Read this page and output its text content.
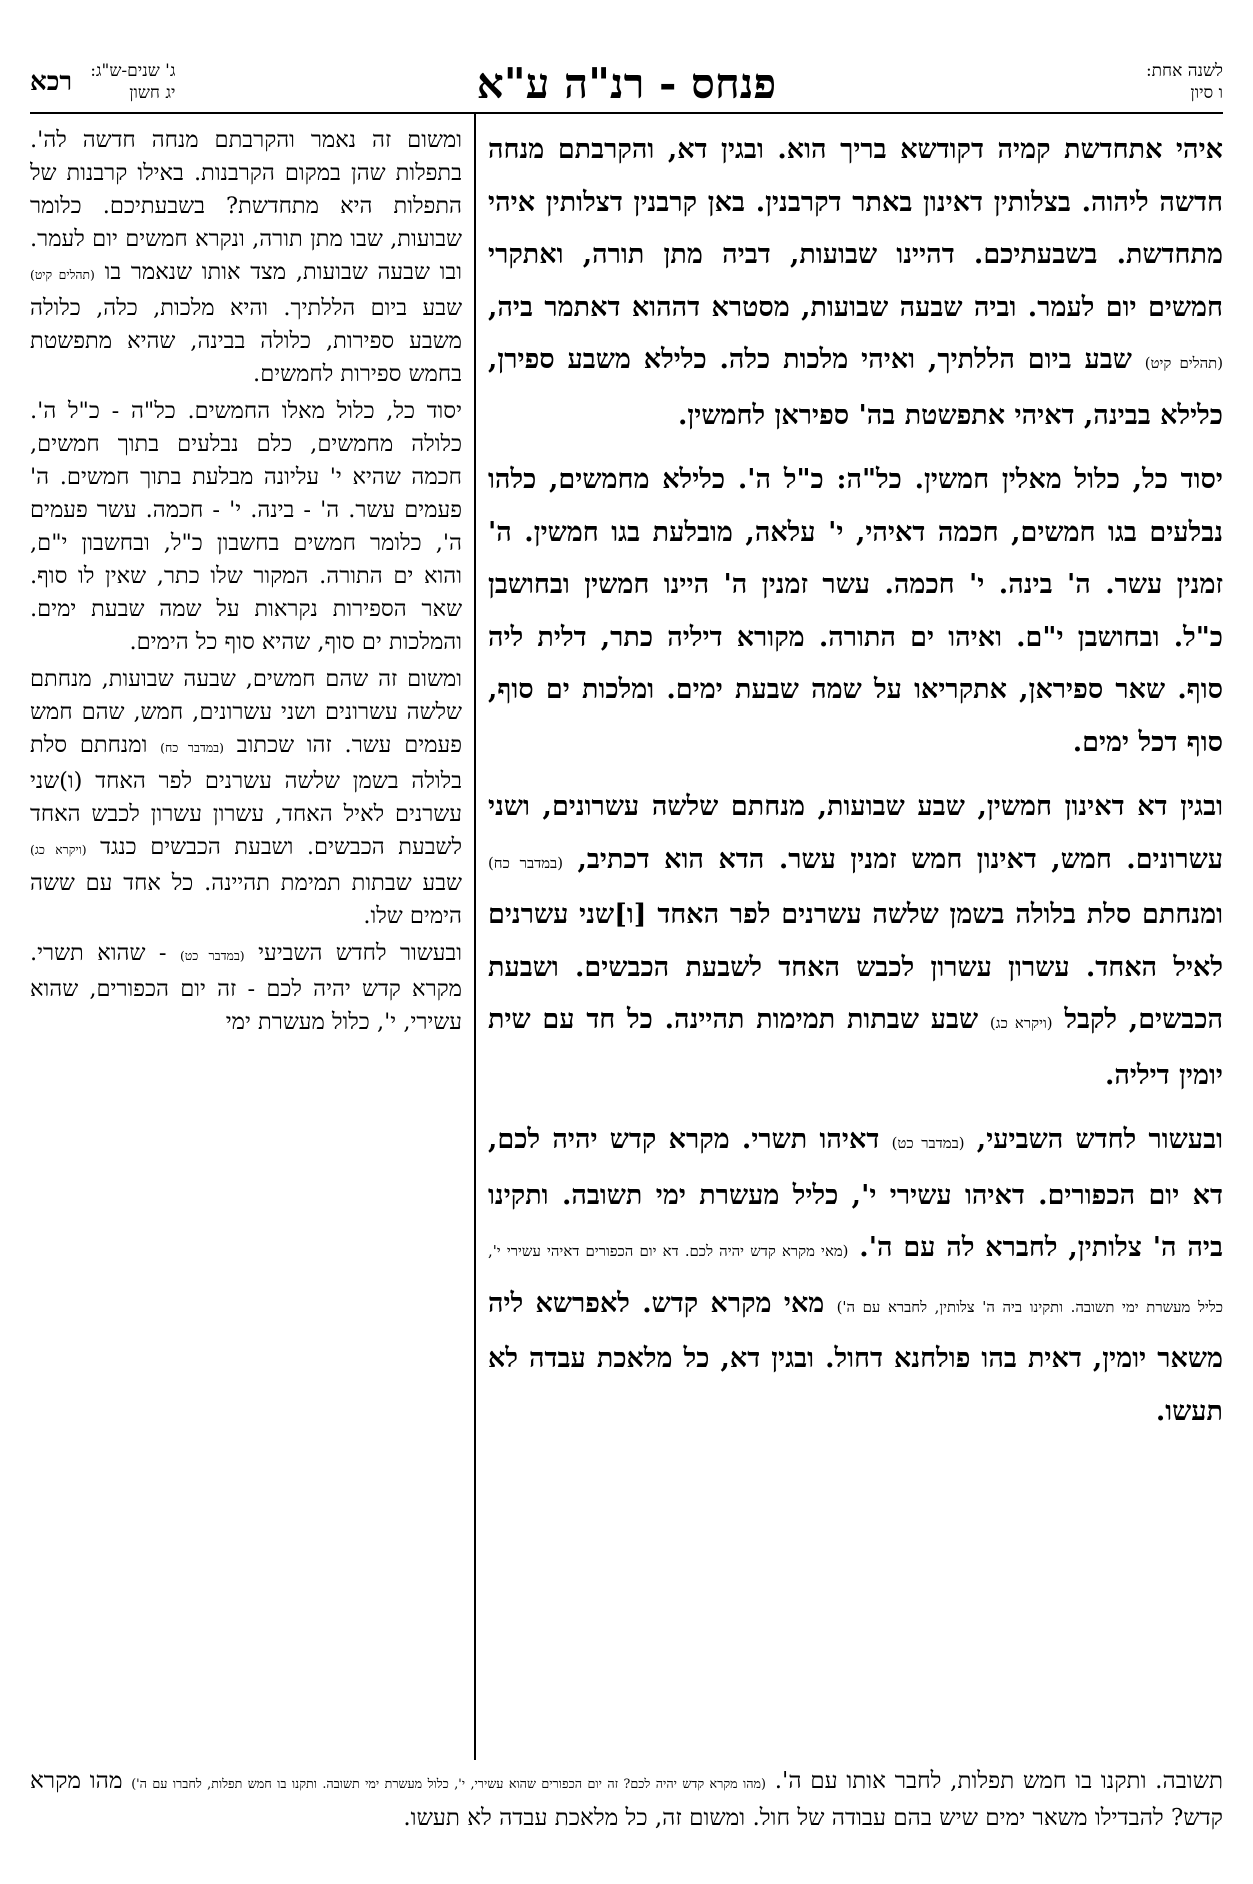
לשנה אחת:
ו סיון
פנחס - רנ"ה ע"א
רכא ג' שנים-ש"ג:
יג חשון

איהי אתחדשת קמיה דקודשא בריך הוא. ובגין דא, והקרבתם מנחה חדשה ליהוה. בצלותין דאינון באתר דקרבנין. באן קרבנין דצלותין איהי מתחדשת. בשבעתיכם. דהיינו שבועות, דביה מתן תורה, ואתקרי חמשים יום לעמר. וביה שבעה שבועות, מסטרא דההוא דאתמר ביה, (תהלים קיט) שבע ביום הללתיך, ואיהי מלכות כלה. כלילא משבע ספירן, כלילא בבינה, דאיהי אתפשטת בה' ספיראן לחמשין.

יסוד כל, כלול מאלין חמשין. כל"ה: כ"ל ה'. כלילא מחמשים, כלהו נבלעים בגו חמשים, חכמה דאיהי, י' עלאה, מובלעת בגו חמשין. ה' זמנין עשר. ה' בינה. י' חכמה. עשר זמנין ה' היינו חמשין ובחושבן כ"ל. ובחושבן י"ם. ואיהו ים התורה. מקורא דיליה כתר, דלית ליה סוף. שאר ספיראן, אתקריאו על שמה שבעת ימים. ומלכות ים סוף, סוף דכל ימים.

ובגין דא דאינון חמשין, שבע שבועות, מנחתם שלשה עשרונים, ושני עשרונים. חמש, דאינון חמש זמנין עשר. הדא הוא דכתיב, (במדבר כח) ומנחתם סלת בלולה בשמן שלשה עשרנים לפר האחד [ו]שני עשרנים לאיל האחד. עשרון עשרון לכבש האחד לשבעת הכבשים. ושבעת הכבשים, לקבל (ויקרא כג) שבע שבתות תמימות תהיינה. כל חד עם שית יומין דיליה.

ובעשור לחדש השביעי, (במדבר כט) דאיהו תשרי. מקרא קדש יהיה לכם, דא יום הכפורים. דאיהו עשירי י', כליל מעשרת ימי תשובה. ותקינו ביה ה' צלותין, לחברא לה עם ה'. (מאי מקרא קדש יהיה לכם. דא יום הכפורים דאיהי עשירי י', כליל מעשרת ימי תשובה. ותקינו ביה ה' צלותין, לחברא עם ה') מאי מקרא קדש. לאפרשא ליה משאר יומין, דאית בהו פולחנא דחול. ובגין דא, כל מלאכת עבדה לא תעשו.

ומשום זה נאמר והקרבתם מנחה חדשה לה'. בתפלות שהן במקום הקרבנות. באילו קרבנות של התפלות היא מתחדשת? בשבעתיכם. כלומר שבועות, שבו מתן תורה, ונקרא חמשים יום לעמר. ובו שבעה שבועות, מצד אותו שנאמר בו (תהלים קיט) שבע ביום הללתיך. והיא מלכות, כלה, כלולה משבע ספירות, כלולה בבינה, שהיא מתפשטת בחמש ספירות לחמשים.

יסוד כל, כלול מאלו החמשים. כל"ה - כ"ל ה'. כלולה מחמשים, כלם נבלעים בתוך חמשים, חכמה שהיא י' עליונה מבלעת בתוך חמשים. ה' פעמים עשר. ה' - בינה. י' - חכמה. עשר פעמים ה', כלומר חמשים בחשבון כ"ל, ובחשבון י"ם, והוא ים התורה. המקור שלו כתר, שאין לו סוף. שאר הספירות נקראות על שמה שבעת ימים. והמלכות ים סוף, שהיא סוף כל הימים.

ומשום זה שהם חמשים, שבעה שבועות, מנחתם שלשה עשרונים ושני עשרונים, חמש, שהם חמש פעמים עשר. זהו שכתוב (במדבר כח) ומנחתם סלת בלולה בשמן שלשה עשרנים לפר האחד (ו)שני עשרנים לאיל האחד, עשרון עשרון לכבש האחד לשבעת הכבשים. ושבעת הכבשים כנגד (ויקרא כג) שבע שבתות תמימת תהיינה. כל אחד עם ששה הימים שלו.

ובעשור לחדש השביעי (במדבר כט) - שהוא תשרי. מקרא קדש יהיה לכם - זה יום הכפורים, שהוא עשירי, י', כלול מעשרת ימי

תשובה. ותקנו בו חמש תפלות, לחבר אותו עם ה'. (מהו מקרא קדש יהיה לכם? זה יום הכפורים שהוא עשירי, י', כלול מעשרת ימי תשובה. ותקנו בו חמש תפלות, לחברו עם ה') מהו מקרא קדש? להבדילו משאר ימים שיש בהם עבודה של חול. ומשום זה, כל מלאכת עבדה לא תעשו.
